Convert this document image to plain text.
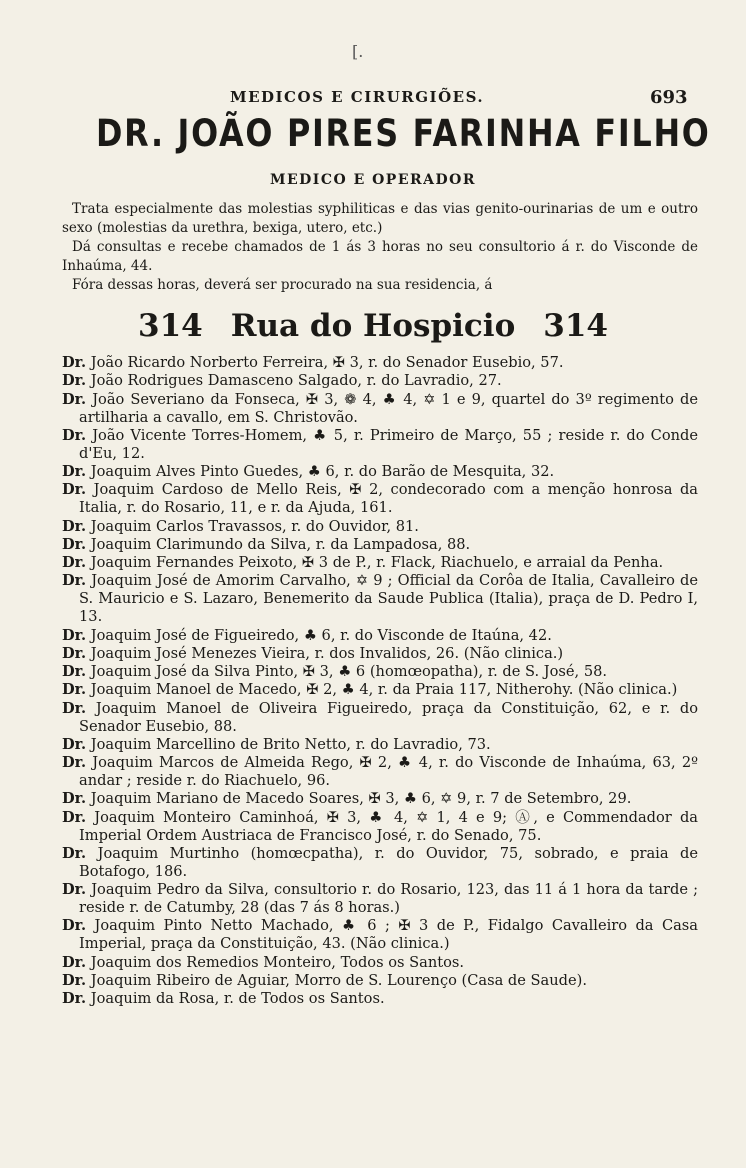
[.
MEDICOS E CIRURGIÕES.	693
DR. JOÃO PIRES FARINHA FILHO
MEDICO E OPERADOR

Trata especialmente das molestias syphiliticas e das vias genito-ourinarias de um e outro sexo (molestias da urethra, bexiga, utero, etc.)

Dá consultas e recebe chamados de 1 ás 3 horas no seu consultorio á r. do Visconde de Inhaúma, 44.

Fóra dessas horas, deverá ser procurado na sua residencia, á

314 Rua do Hospicio 314

Dr. João Ricardo Norberto Ferreira, ✠ 3, r. do Senador Eusebio, 57.

Dr. João Rodrigues Damasceno Salgado, r. do Lavradio, 27.

Dr. João Severiano da Fonseca, ✠ 3, ❁ 4, ♣ 4, ✡ 1 e 9, quartel do 3º regimento de artilharia a cavallo, em S. Christovão.

Dr. João Vicente Torres-Homem, ♣ 5, r. Primeiro de Março, 55 ; reside r. do Conde d'Eu, 12.

Dr. Joaquim Alves Pinto Guedes, ♣ 6, r. do Barão de Mesquita, 32.

Dr. Joaquim Cardoso de Mello Reis, ✠ 2, condecorado com a menção honrosa da Italia, r. do Rosario, 11, e r. da Ajuda, 161.

Dr. Joaquim Carlos Travassos, r. do Ouvidor, 81.

Dr. Joaquim Clarimundo da Silva, r. da Lampadosa, 88.

Dr. Joaquim Fernandes Peixoto, ✠ 3 de P., r. Flack, Riachuelo, e arraial da Penha.

Dr. Joaquim José de Amorim Carvalho, ✡ 9 ; Official da Corôa de Italia, Cavalleiro de S. Mauricio e S. Lazaro, Benemerito da Saude Publica (Italia), praça de D. Pedro I, 13.

Dr. Joaquim José de Figueiredo, ♣ 6, r. do Visconde de Itaúna, 42.

Dr. Joaquim José Menezes Vieira, r. dos Invalidos, 26. (Não clinica.)

Dr. Joaquim José da Silva Pinto, ✠ 3, ♣ 6 (homœopatha), r. de S. José, 58.

Dr. Joaquim Manoel de Macedo, ✠ 2, ♣ 4, r. da Praia 117, Nitherohy. (Não clinica.)

Dr. Joaquim Manoel de Oliveira Figueiredo, praça da Constituição, 62, e r. do Senador Eusebio, 88.

Dr. Joaquim Marcellino de Brito Netto, r. do Lavradio, 73.

Dr. Joaquim Marcos de Almeida Rego, ✠ 2, ♣ 4, r. do Visconde de Inhaúma, 63, 2º andar ; reside r. do Riachuelo, 96.

Dr. Joaquim Mariano de Macedo Soares, ✠ 3, ♣ 6, ✡ 9, r. 7 de Setembro, 29.

Dr. Joaquim Monteiro Caminhoá, ✠ 3, ♣ 4, ✡ 1, 4 e 9; Ⓐ, e Commendador da Imperial Ordem Austriaca de Francisco José, r. do Senado, 75.

Dr. Joaquim Murtinho (homœcpatha), r. do Ouvidor, 75, sobrado, e praia de Botafogo, 186.

Dr. Joaquim Pedro da Silva, consultorio r. do Rosario, 123, das 11 á 1 hora da tarde ; reside r. de Catumby, 28 (das 7 ás 8 horas.)

Dr. Joaquim Pinto Netto Machado, ♣ 6 ; ✠ 3 de P., Fidalgo Cavalleiro da Casa Imperial, praça da Constituição, 43. (Não clinica.)

Dr. Joaquim dos Remedios Monteiro, Todos os Santos.

Dr. Joaquim Ribeiro de Aguiar, Morro de S. Lourenço (Casa de Saude).

Dr. Joaquim da Rosa, r. de Todos os Santos.
